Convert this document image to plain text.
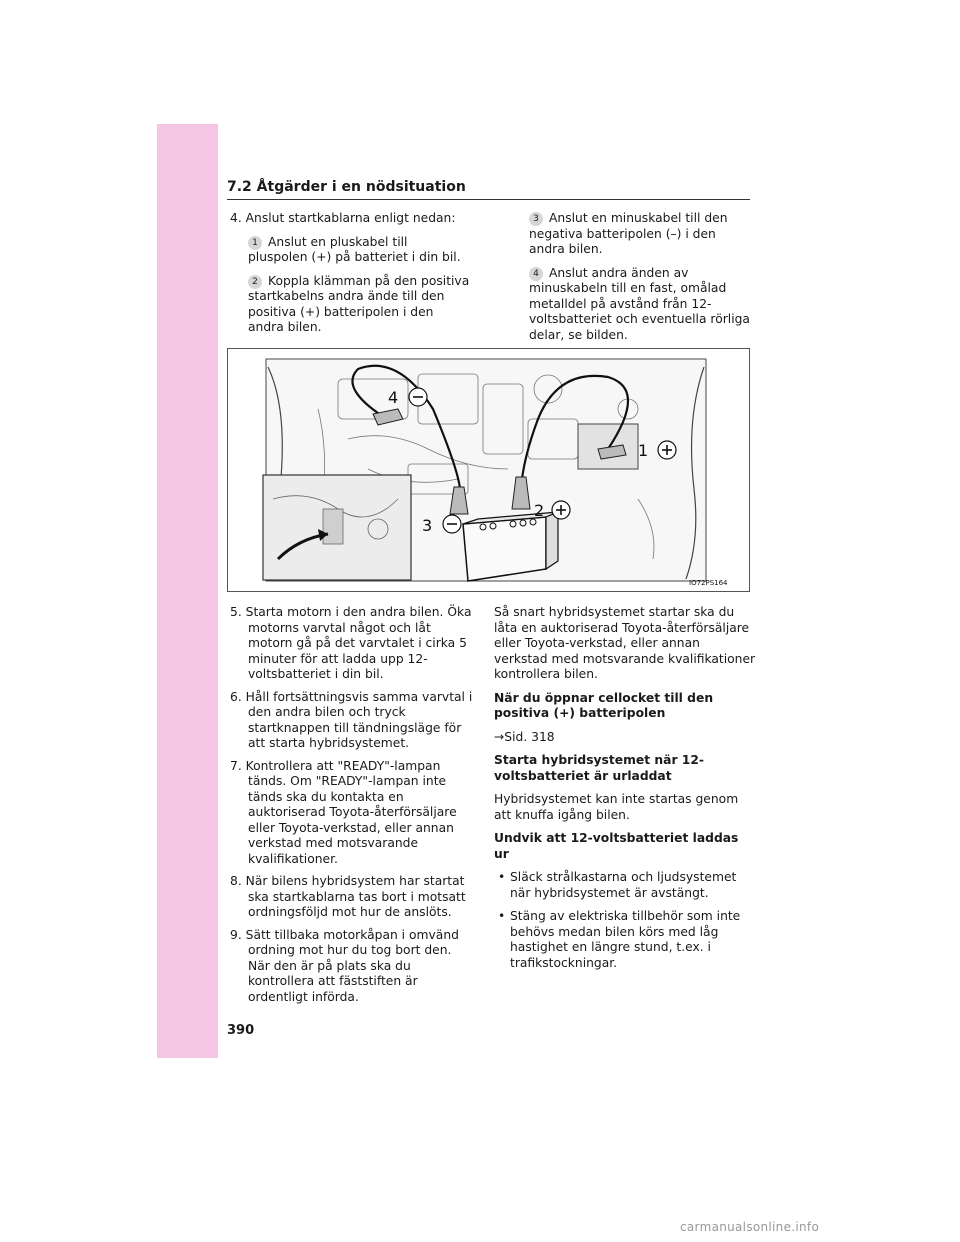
7.2 Åtgärder i en nödsituation

4. Anslut startkablarna enligt nedan:

1 Anslut en pluskabel till pluspolen (+) på batteriet i din bil.

2 Koppla klämman på den positiva startkabelns andra ände till den positiva (+) batteripolen i den andra bilen.

3 Anslut en minuskabel till den negativa batteripolen (–) i den andra bilen.

4 Anslut andra änden av minuskabeln till en fast, omålad metalldel på avstånd från 12-voltsbatteriet och eventuella rörliga delar, se bilden.

4
1
2
3
IO72PS164

5. Starta motorn i den andra bilen. Öka motorns varvtal något och låt motorn gå på det varvtalet i cirka 5 minuter för att ladda upp 12-voltsbatteriet i din bil.

6. Håll fortsättningsvis samma varvtal i den andra bilen och tryck startknappen till tändningsläge för att starta hybridsystemet.

7. Kontrollera att "READY"-lampan tänds. Om "READY"-lampan inte tänds ska du kontakta en auktoriserad Toyota-återförsäljare eller Toyota-verkstad, eller annan verkstad med motsvarande kvalifikationer.

8. När bilens hybridsystem har startat ska startkablarna tas bort i motsatt ordningsföljd mot hur de anslöts.

9. Sätt tillbaka motorkåpan i omvänd ordning mot hur du tog bort den. När den är på plats ska du kontrollera att fäststiften är ordentligt införda.

Så snart hybridsystemet startar ska du låta en auktoriserad Toyota-återförsäljare eller Toyota-verkstad, eller annan verkstad med motsvarande kvalifikationer kontrollera bilen.

När du öppnar cellocket till den positiva (+) batteripolen

→Sid. 318

Starta hybridsystemet när 12-voltsbatteriet är urladdat

Hybridsystemet kan inte startas genom att knuffa igång bilen.

Undvik att 12-voltsbatteriet laddas ur

• Släck strålkastarna och ljudsystemet när hybridsystemet är avstängt.

• Stäng av elektriska tillbehör som inte behövs medan bilen körs med låg hastighet en längre stund, t.ex. i trafikstockningar.

390
carmanualsonline.info
